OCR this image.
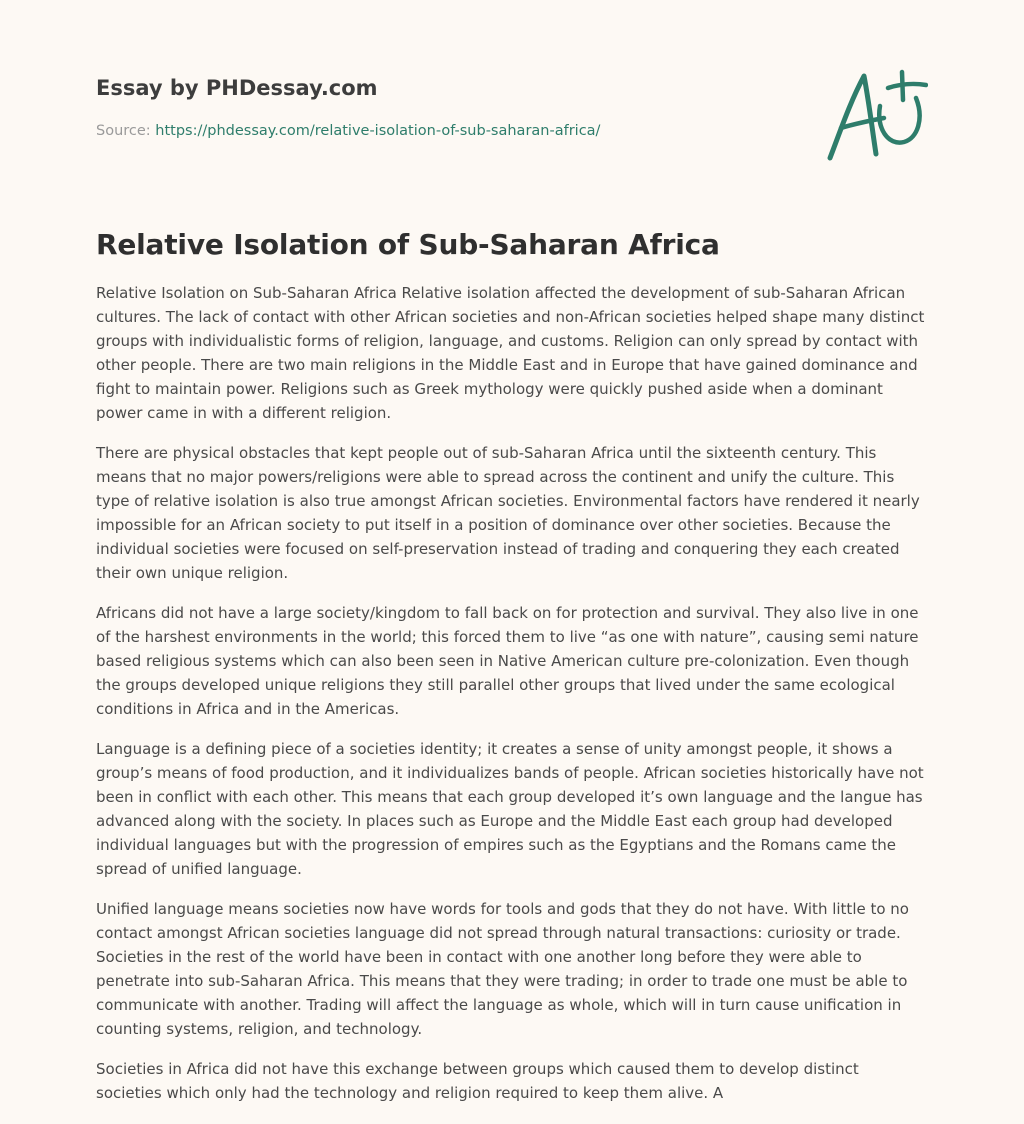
Essay by PHDessay.com

Source: https://phdessay.com/relative-isolation-of-sub-saharan-africa/

Relative Isolation of Sub-Saharan Africa

Relative Isolation on Sub-Saharan Africa Relative isolation affected the development of sub-Saharan African cultures. The lack of contact with other African societies and non-African societies helped shape many distinct groups with individualistic forms of religion, language, and customs. Religion can only spread by contact with other people. There are two main religions in the Middle East and in Europe that have gained dominance and fight to maintain power. Religions such as Greek mythology were quickly pushed aside when a dominant power came in with a different religion.

There are physical obstacles that kept people out of sub-Saharan Africa until the sixteenth century. This means that no major powers/religions were able to spread across the continent and unify the culture. This type of relative isolation is also true amongst African societies. Environmental factors have rendered it nearly impossible for an African society to put itself in a position of dominance over other societies. Because the individual societies were focused on self-preservation instead of trading and conquering they each created their own unique religion.

Africans did not have a large society/kingdom to fall back on for protection and survival. They also live in one of the harshest environments in the world; this forced them to live “as one with nature”, causing semi nature based religious systems which can also been seen in Native American culture pre-colonization. Even though the groups developed unique religions they still parallel other groups that lived under the same ecological conditions in Africa and in the Americas.

Language is a defining piece of a societies identity; it creates a sense of unity amongst people, it shows a group’s means of food production, and it individualizes bands of people. African societies historically have not been in conflict with each other. This means that each group developed it’s own language and the langue has advanced along with the society. In places such as Europe and the Middle East each group had developed individual languages but with the progression of empires such as the Egyptians and the Romans came the spread of unified language.

Unified language means societies now have words for tools and gods that they do not have. With little to no contact amongst African societies language did not spread through natural transactions: curiosity or trade. Societies in the rest of the world have been in contact with one another long before they were able to penetrate into sub-Saharan Africa. This means that they were trading; in order to trade one must be able to communicate with another. Trading will affect the language as whole, which will in turn cause unification in counting systems, religion, and technology.

Societies in Africa did not have this exchange between groups which caused them to develop distinct societies which only had the technology and religion required to keep them alive. A
